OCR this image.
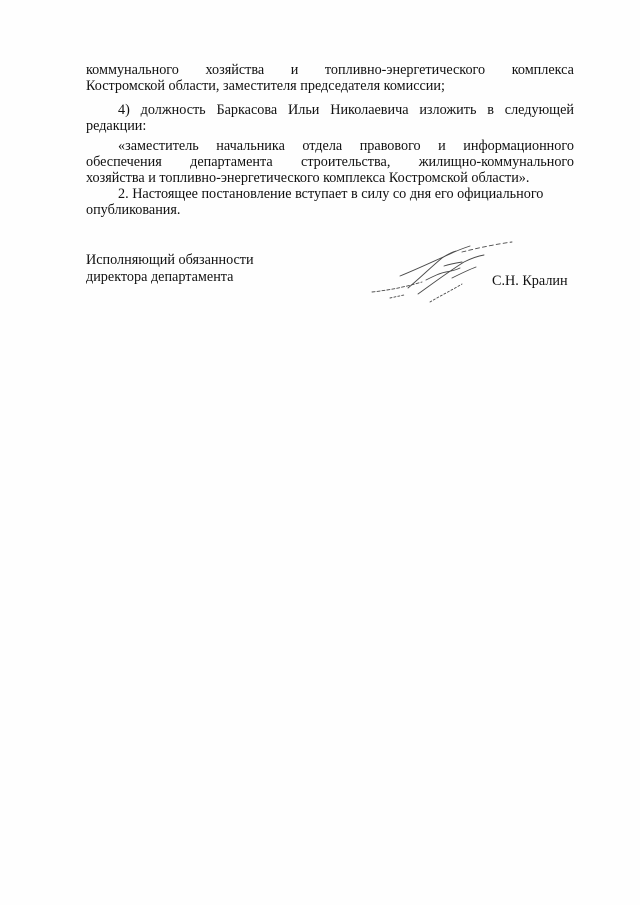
коммунального хозяйства и топливно-энергетического комплекса
Костромской области, заместителя председателя комиссии;
4) должность Баркасова Ильи Николаевича изложить в следующей
редакции:
«заместитель начальника отдела правового и информационного
обеспечения департамента строительства, жилищно-коммунального
хозяйства и топливно-энергетического комплекса Костромской области».
2. Настоящее постановление вступает в силу со дня его официального
опубликования.
Исполняющий обязанности
директора департамента	С.Н. Кралин
